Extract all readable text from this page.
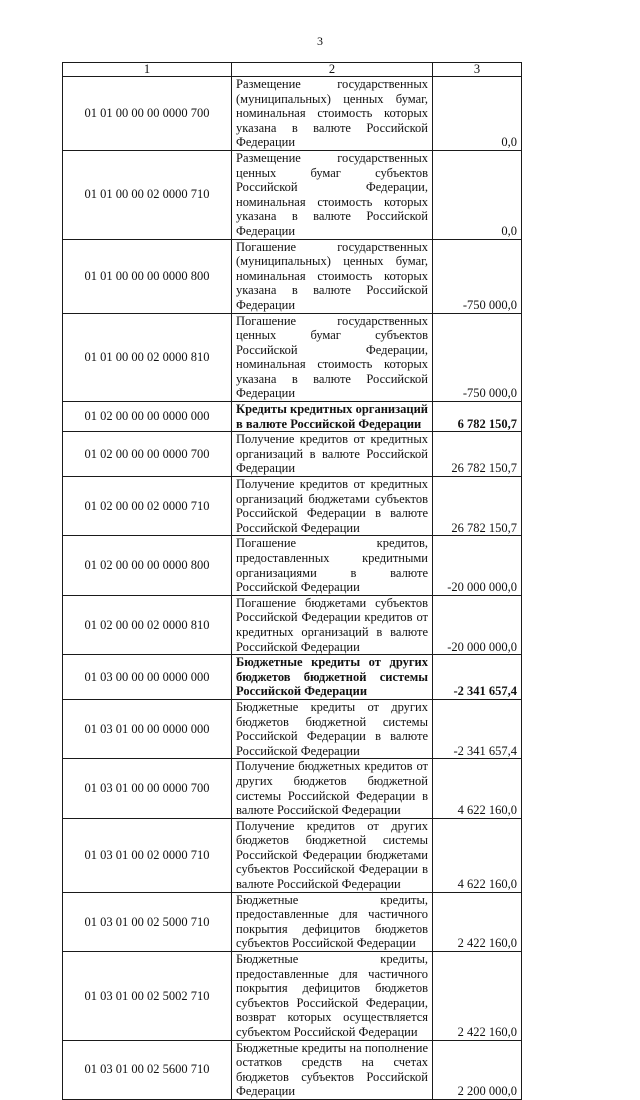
3
1	2	3
01 01 00 00 00 0000 700	Размещение государственных (муниципальных) ценных бумаг, номинальная стоимость которых указана в валюте Российской Федерации	0,0
01 01 00 00 02 0000 710	Размещение государственных ценных бумаг субъектов Российской Федерации, номинальная стоимость которых указана в валюте Российской Федерации	0,0
01 01 00 00 00 0000 800	Погашение государственных (муниципальных) ценных бумаг, номинальная стоимость которых указана в валюте Российской Федерации	-750 000,0
01 01 00 00 02 0000 810	Погашение государственных ценных бумаг субъектов Российской Федерации, номинальная стоимость которых указана в валюте Российской Федерации	-750 000,0
01 02 00 00 00 0000 000	Кредиты кредитных организаций в валюте Российской Федерации	6 782 150,7
01 02 00 00 00 0000 700	Получение кредитов от кредитных организаций в валюте Российской Федерации	26 782 150,7
01 02 00 00 02 0000 710	Получение кредитов от кредитных организаций бюджетами субъектов Российской Федерации в валюте Российской Федерации	26 782 150,7
01 02 00 00 00 0000 800	Погашение кредитов, предоставленных кредитными организациями в валюте Российской Федерации	-20 000 000,0
01 02 00 00 02 0000 810	Погашение бюджетами субъектов Российской Федерации кредитов от кредитных организаций в валюте Российской Федерации	-20 000 000,0
01 03 00 00 00 0000 000	Бюджетные кредиты от других бюджетов бюджетной системы Российской Федерации	-2 341 657,4
01 03 01 00 00 0000 000	Бюджетные кредиты от других бюджетов бюджетной системы Российской Федерации в валюте Российской Федерации	-2 341 657,4
01 03 01 00 00 0000 700	Получение бюджетных кредитов от других бюджетов бюджетной системы Российской Федерации в валюте Российской Федерации	4 622 160,0
01 03 01 00 02 0000 710	Получение кредитов от других бюджетов бюджетной системы Российской Федерации бюджетами субъектов Российской Федерации в валюте Российской Федерации	4 622 160,0
01 03 01 00 02 5000 710	Бюджетные кредиты, предоставленные для частичного покрытия дефицитов бюджетов субъектов Российской Федерации	2 422 160,0
01 03 01 00 02 5002 710	Бюджетные кредиты, предоставленные для частичного покрытия дефицитов бюджетов субъектов Российской Федерации, возврат которых осуществляется субъектом Российской Федерации	2 422 160,0
01 03 01 00 02 5600 710	Бюджетные кредиты на пополнение остатков средств на счетах бюджетов субъектов Российской Федерации	2 200 000,0
